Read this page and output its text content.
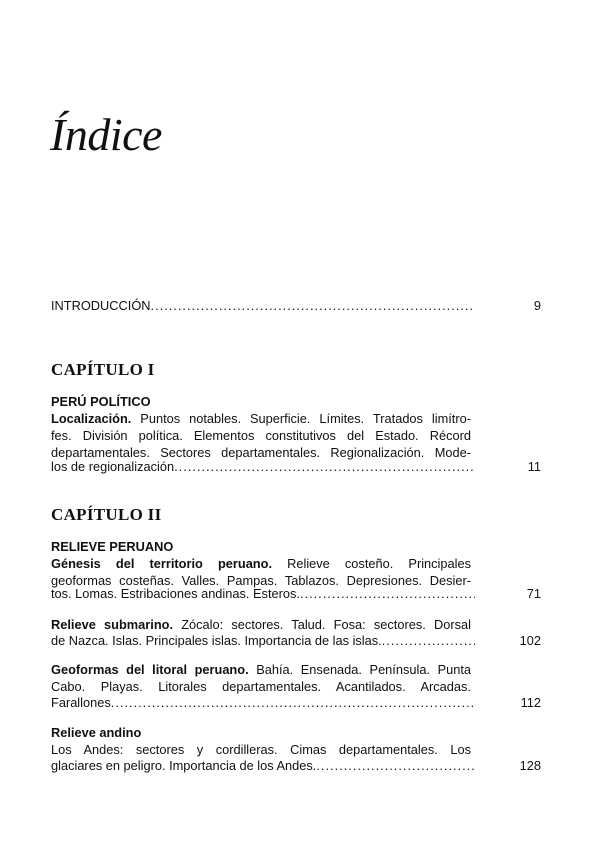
Índice
INTRODUCCIÓN .....	9
CAPÍTULO I
PERÚ POLÍTICO
Localización. Puntos notables. Superficie. Límites. Tratados limítro-
fes. División política. Elementos constitutivos del Estado. Récord
departamentales. Sectores departamentales. Regionalización. Mode-
los de regionalización .....	11
CAPÍTULO II
RELIEVE PERUANO
Génesis del territorio peruano. Relieve costeño. Principales
geoformas costeñas. Valles. Pampas. Tablazos. Depresiones. Desier-
tos. Lomas. Estribaciones andinas. Esteros. .....	71
Relieve submarino. Zócalo: sectores. Talud. Fosa: sectores. Dorsal
de Nazca. Islas. Principales islas. Importancia de las islas. .....	102
Geoformas del litoral peruano. Bahía. Ensenada. Península. Punta
Cabo. Playas. Litorales departamentales. Acantilados. Arcadas.
Farallones .....	112
Relieve andino
Los Andes: sectores y cordilleras. Cimas departamentales. Los
glaciares en peligro. Importancia de los Andes. .....	128
